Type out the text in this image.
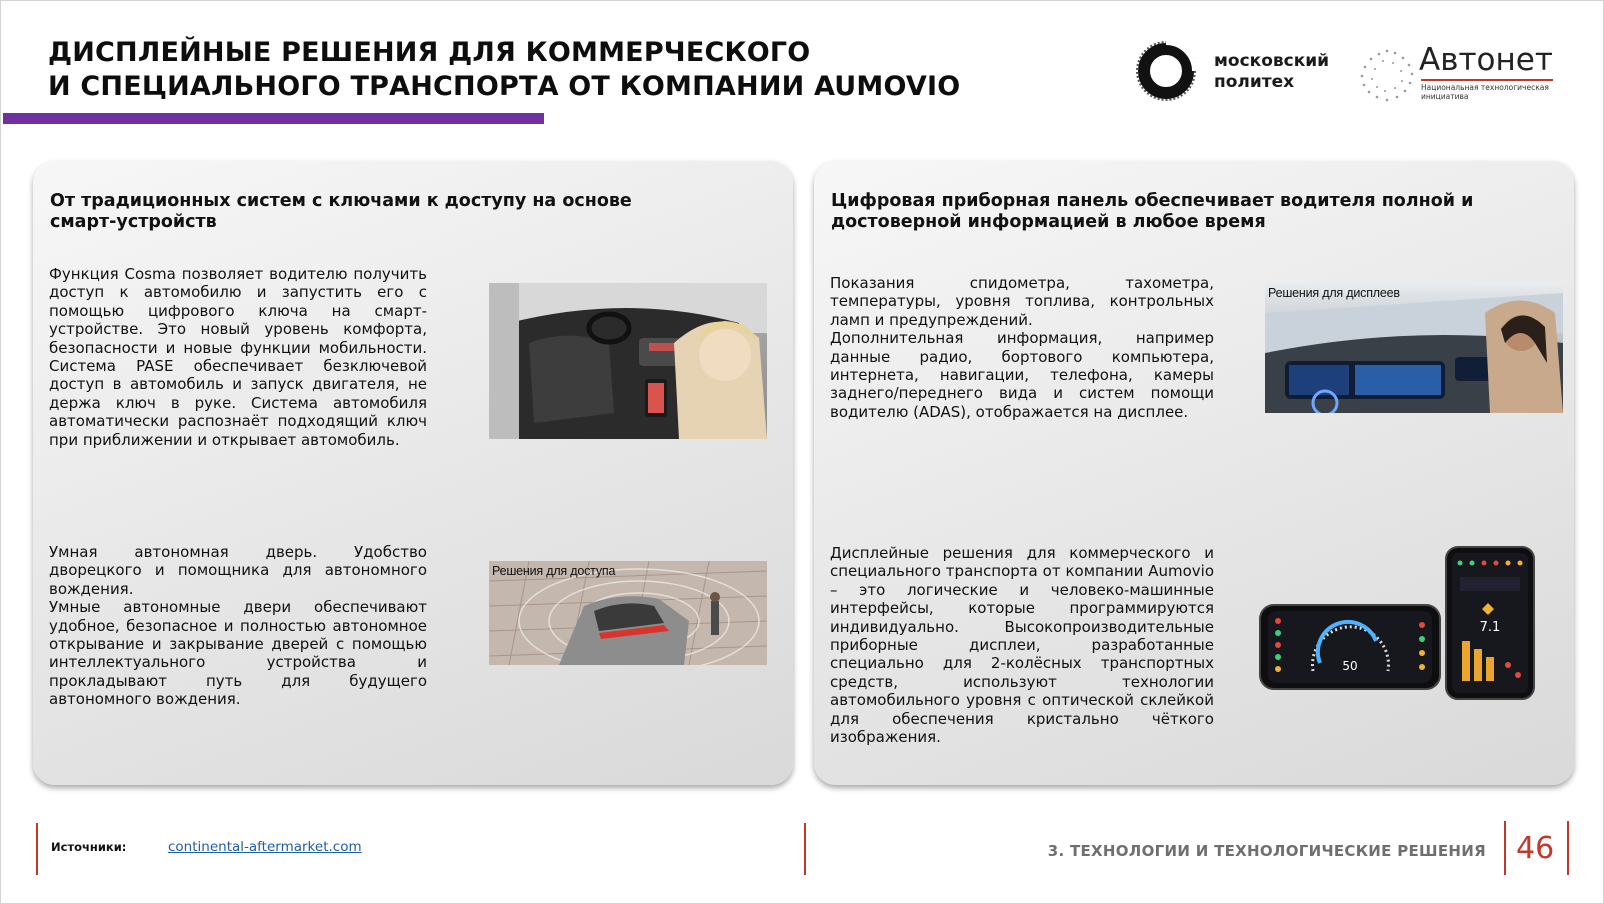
ДИСПЛЕЙНЫЕ РЕШЕНИЯ ДЛЯ КОММЕРЧЕСКОГО
И СПЕЦИАЛЬНОГО ТРАНСПОРТА ОТ КОМПАНИИ AUMOVIO
московский
политех
Автонет
Национальная технологическая
инициатива
От традиционных систем с ключами к доступу на основе смарт-устройств

Функция Cosma позволяет водителю получить доступ к автомобилю и запустить его с помощью цифрового ключа на смарт-устройстве. Это новый уровень комфорта, безопасности и новые функции мобильности. Система PASE обеспечивает безключевой доступ в автомобиль и запуск двигателя, не держа ключ в руке. Система автомобиля автоматически распознаёт подходящий ключ при приближении и открывает автомобиль.

Умная автономная дверь. Удобство дворецкого и помощника для автономного вождения.

Умные автономные двери обеспечивают удобное, безопасное и полностью автономное открывание и закрывание дверей с помощью интеллектуального устройства и прокладывают путь для будущего автономного вождения.

Решения для доступа
Цифровая приборная панель обеспечивает водителя полной и достоверной информацией в любое время

Показания спидометра, тахометра, температуры, уровня топлива, контрольных ламп и предупреждений.

Дополнительная информация, например данные радио, бортового компьютера, интернета, навигации, телефона, камеры заднего/переднего вида и систем помощи водителю (ADAS), отображается на дисплее.

Решения для дисплеев

Дисплейные решения для коммерческого и специального транспорта от компании Aumovio – это логические и человеко-машинные интерфейсы, которые программируются индивидуально. Высокопроизводительные приборные дисплеи, разработанные специально для 2-колёсных транспортных средств, используют технологии автомобильного уровня с оптической склейкой для обеспечения кристально чёткого изображения.

50
7.1
Источники:	continental-aftermarket.com	3. ТЕХНОЛОГИИ И ТЕХНОЛОГИЧЕСКИЕ РЕШЕНИЯ 46
